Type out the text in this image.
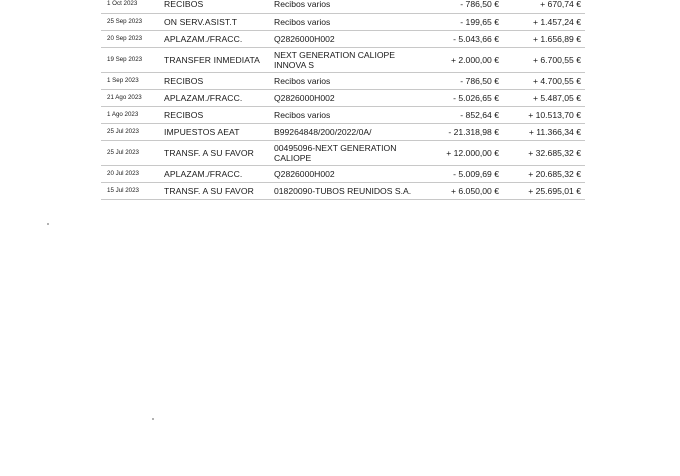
1 Oct 2023	RECIBOS	Recibos varios	- 786,50 €	+ 670,74 €
25 Sep 2023	ON SERV.ASIST.T	Recibos varios	- 199,65 €	+ 1.457,24 €
20 Sep 2023	APLAZAM./FRACC.	Q2826000H002	- 5.043,66 €	+ 1.656,89 €
19 Sep 2023	TRANSFER INMEDIATA	NEXT GENERATION CALIOPE INNOVA S	+ 2.000,00 €	+ 6.700,55 €
1 Sep 2023	RECIBOS	Recibos varios	- 786,50 €	+ 4.700,55 €
21 Ago 2023	APLAZAM./FRACC.	Q2826000H002	- 5.026,65 €	+ 5.487,05 €
1 Ago 2023	RECIBOS	Recibos varios	- 852,64 €	+ 10.513,70 €
25 Jul 2023	IMPUESTOS AEAT	B99264848/200/2022/0A/	- 21.318,98 €	+ 11.366,34 €
25 Jul 2023	TRANSF. A SU FAVOR	00495096-NEXT GENERATION CALIOPE	+ 12.000,00 €	+ 32.685,32 €
20 Jul 2023	APLAZAM./FRACC.	Q2826000H002	- 5.009,69 €	+ 20.685,32 €
15 Jul 2023	TRANSF. A SU FAVOR	01820090-TUBOS REUNIDOS S.A.	+ 6.050,00 €	+ 25.695,01 €
